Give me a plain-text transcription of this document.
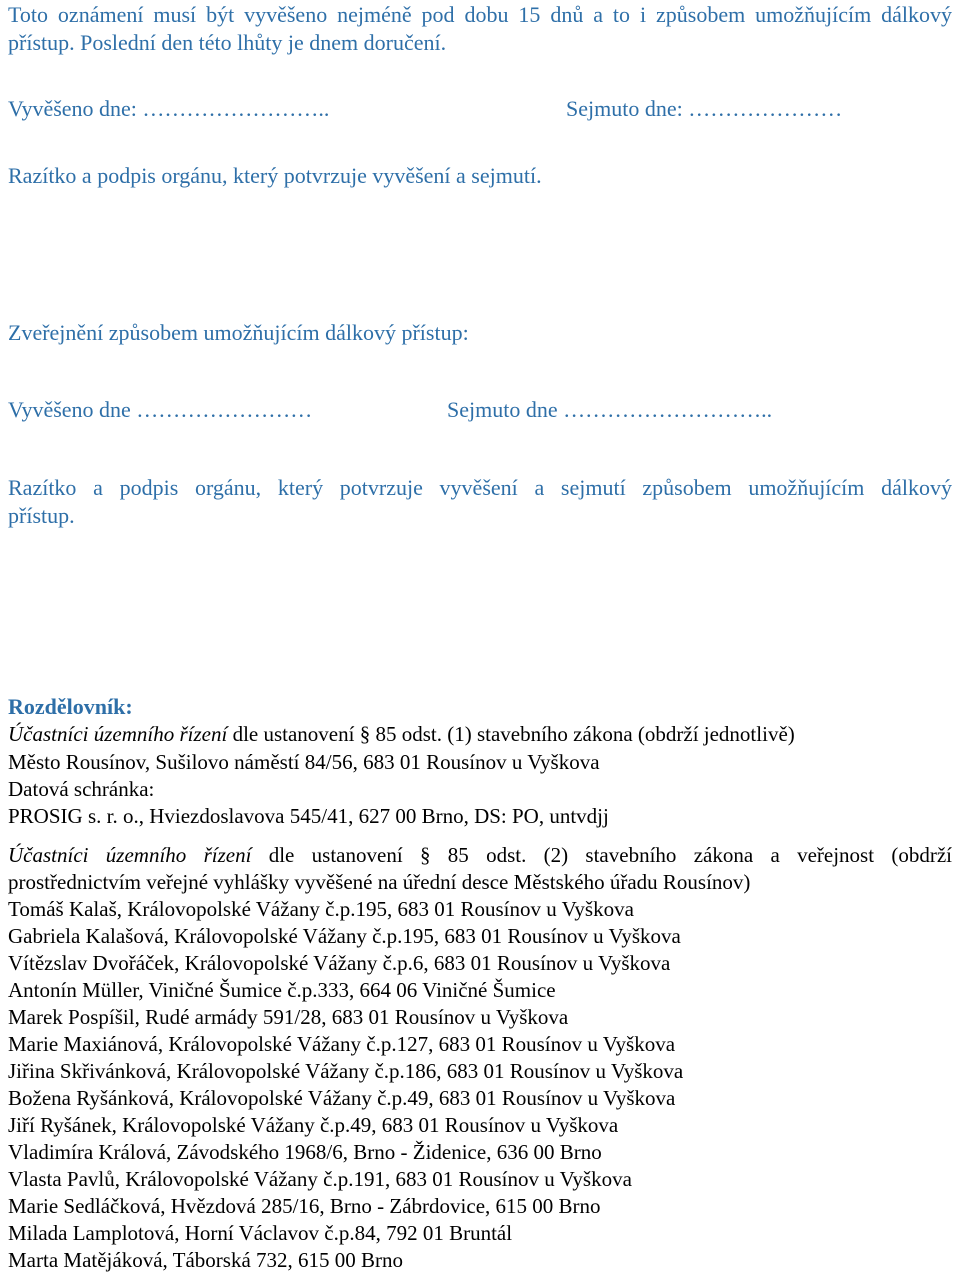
Toto oznámení musí být vyvěšeno nejméně pod dobu 15 dnů a to i způsobem umožňujícím dálkový
přístup. Poslední den této lhůty je dnem doručení.
Vyvěšeno dne: ……………………..	Sejmuto dne: …………………
Razítko a podpis orgánu, který potvrzuje vyvěšení a sejmutí.
Zveřejnění způsobem umožňujícím dálkový přístup:
Vyvěšeno dne ……………………	Sejmuto dne ………………………..
Razítko a podpis orgánu, který potvrzuje vyvěšení a sejmutí způsobem umožňujícím dálkový
přístup.
Rozdělovník:
Účastníci územního řízení dle ustanovení § 85 odst. (1) stavebního zákona (obdrží jednotlivě)
Město Rousínov, Sušilovo náměstí 84/56, 683 01 Rousínov u Vyškova
Datová schránka:
PROSIG s. r. o., Hviezdoslavova 545/41, 627 00 Brno, DS: PO, untvdjj
Účastníci územního řízení dle ustanovení § 85 odst. (2) stavebního zákona a veřejnost (obdrží
prostřednictvím veřejné vyhlášky vyvěšené na úřední desce Městského úřadu Rousínov)
Tomáš Kalaš, Královopolské Vážany č.p.195, 683 01 Rousínov u Vyškova
Gabriela Kalašová, Královopolské Vážany č.p.195, 683 01 Rousínov u Vyškova
Vítězslav Dvořáček, Královopolské Vážany č.p.6, 683 01 Rousínov u Vyškova
Antonín Müller, Viničné Šumice č.p.333, 664 06 Viničné Šumice
Marek Pospíšil, Rudé armády 591/28, 683 01 Rousínov u Vyškova
Marie Maxiánová, Královopolské Vážany č.p.127, 683 01 Rousínov u Vyškova
Jiřina Skřivánková, Královopolské Vážany č.p.186, 683 01 Rousínov u Vyškova
Božena Ryšánková, Královopolské Vážany č.p.49, 683 01 Rousínov u Vyškova
Jiří Ryšánek, Královopolské Vážany č.p.49, 683 01 Rousínov u Vyškova
Vladimíra Králová, Závodského 1968/6, Brno - Židenice, 636 00 Brno
Vlasta Pavlů, Královopolské Vážany č.p.191, 683 01 Rousínov u Vyškova
Marie Sedláčková, Hvězdová 285/16, Brno - Zábrdovice, 615 00 Brno
Milada Lamplotová, Horní Václavov č.p.84, 792 01 Bruntál
Marta Matějáková, Táborská 732, 615 00 Brno
